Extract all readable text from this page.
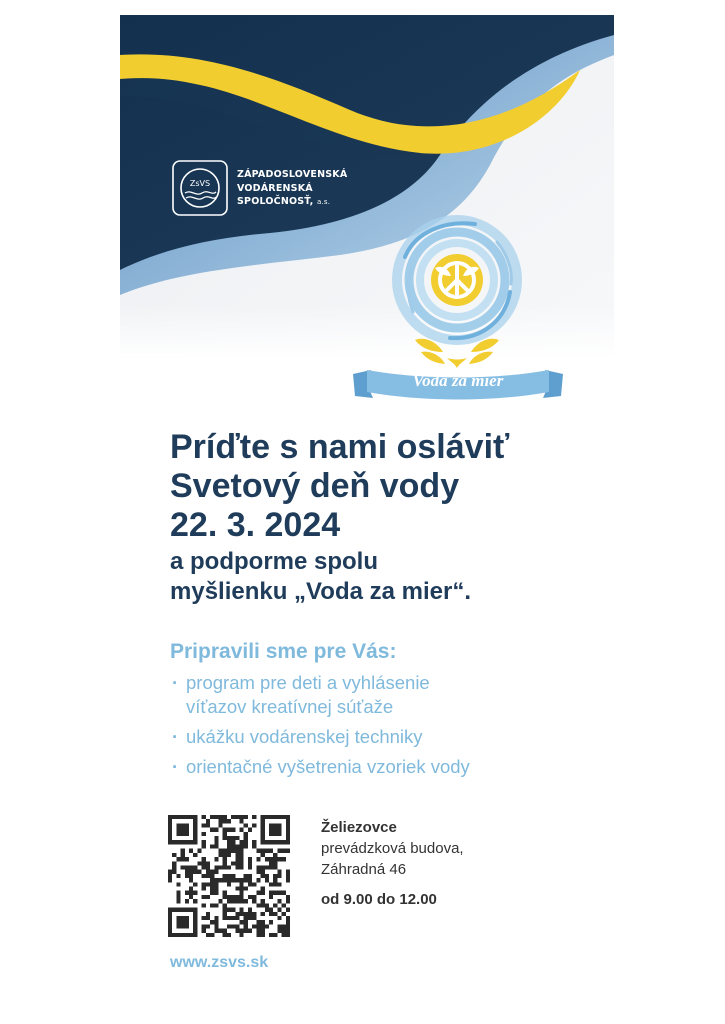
ZsVS
ZÁPADOSLOVENSKÁ
VODÁRENSKÁ
SPOLOČNOSŤ, a.s.
Voda za mier
Príďte s nami osláviť
Svetový deň vody
22. 3. 2024
a podporme spolu
myšlienku „Voda za mier“.
Pripravili sme pre Vás:
· program pre deti a vyhlásenie
víťazov kreatívnej súťaže
· ukážku vodárenskej techniky
· orientačné vyšetrenia vzoriek vody
Želiezovce
prevádzková budova,
Záhradná 46
od 9.00 do 12.00
www.zsvs.sk
